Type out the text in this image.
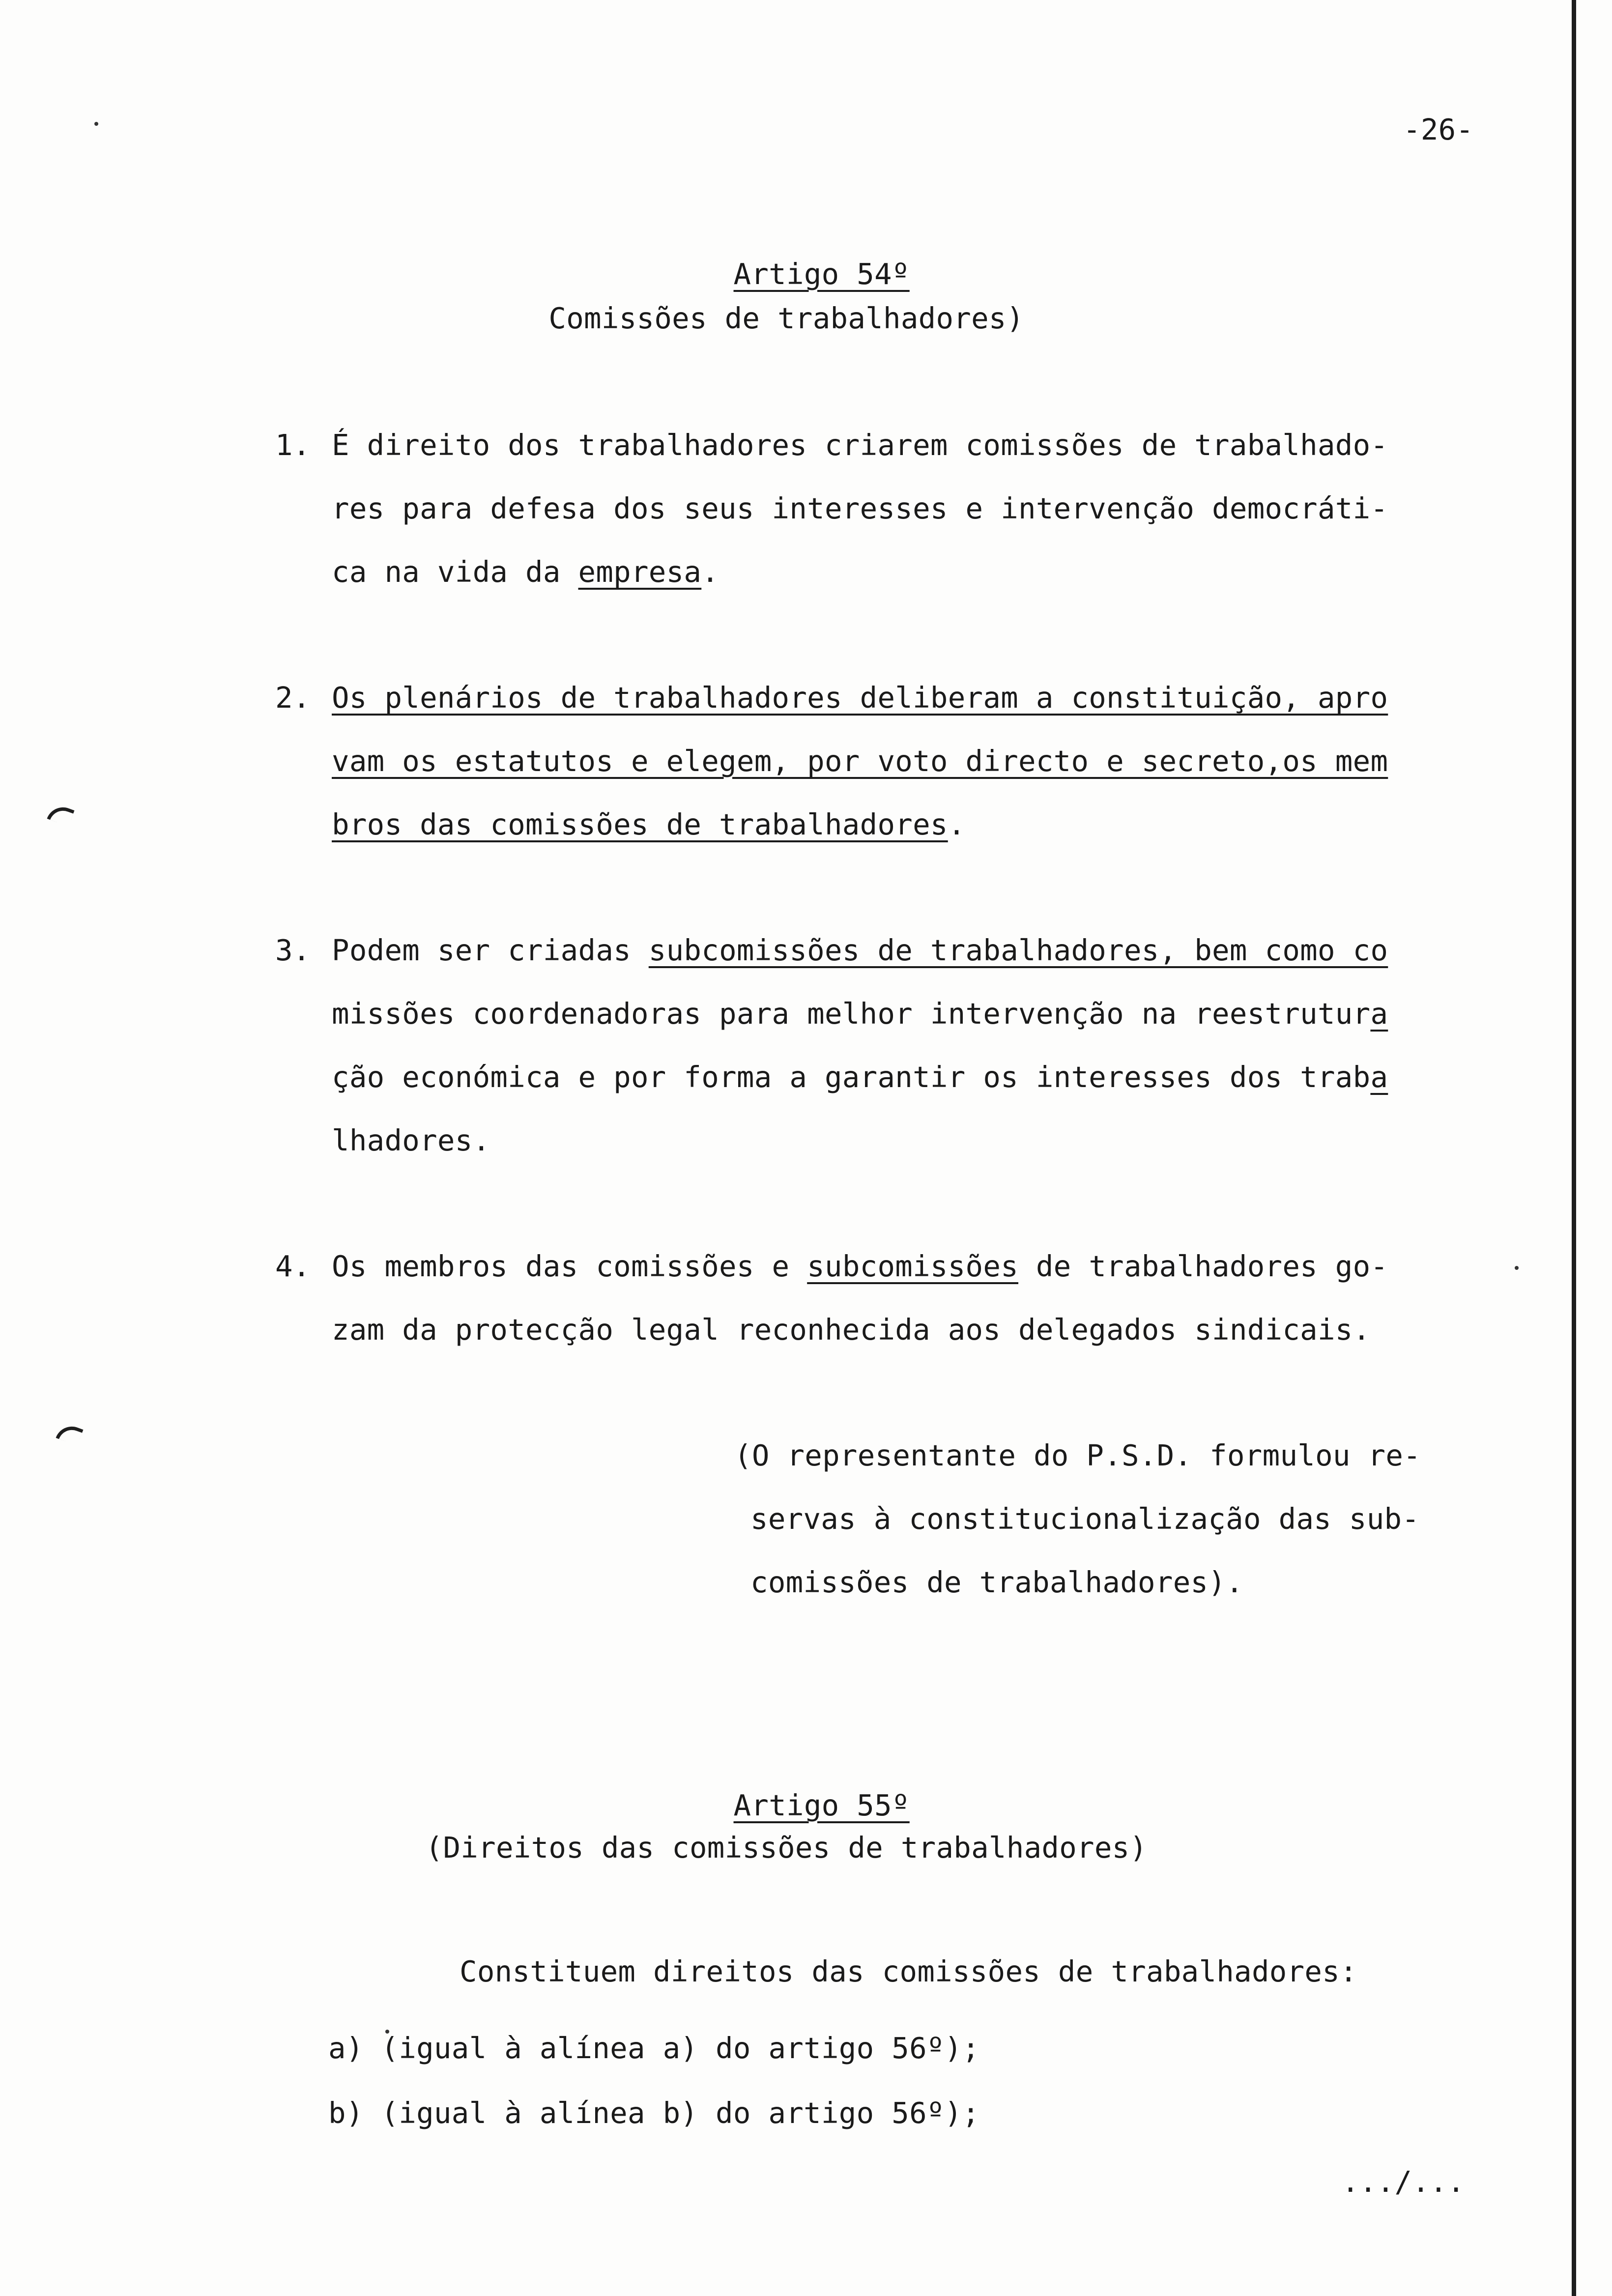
-26-

Artigo 54º

Comissões de trabalhadores)
1. É direito dos trabalhadores criarem comissões de trabalhado-
res para defesa dos seus interesses e intervenção democráti-
ca na vida da empresa.
2. Os plenários de trabalhadores deliberam a constituição, apro
vam os estatutos e elegem, por voto directo e secreto,os mem
bros das comissões de trabalhadores.
3. Podem ser criadas subcomissões de trabalhadores, bem como co
missões coordenadoras para melhor intervenção na reestrutura
ção económica e por forma a garantir os interesses dos traba
lhadores.
4. Os membros das comissões e subcomissões de trabalhadores go-
zam da protecção legal reconhecida aos delegados sindicais.
(O representante do P.S.D. formulou re-
servas à constitucionalização das sub-
comissões de trabalhadores).

Artigo 55º

(Direitos das comissões de trabalhadores)
Constituem direitos das comissões de trabalhadores:
a) (igual à alínea a) do artigo 56º);
b) (igual à alínea b) do artigo 56º);
.../...
